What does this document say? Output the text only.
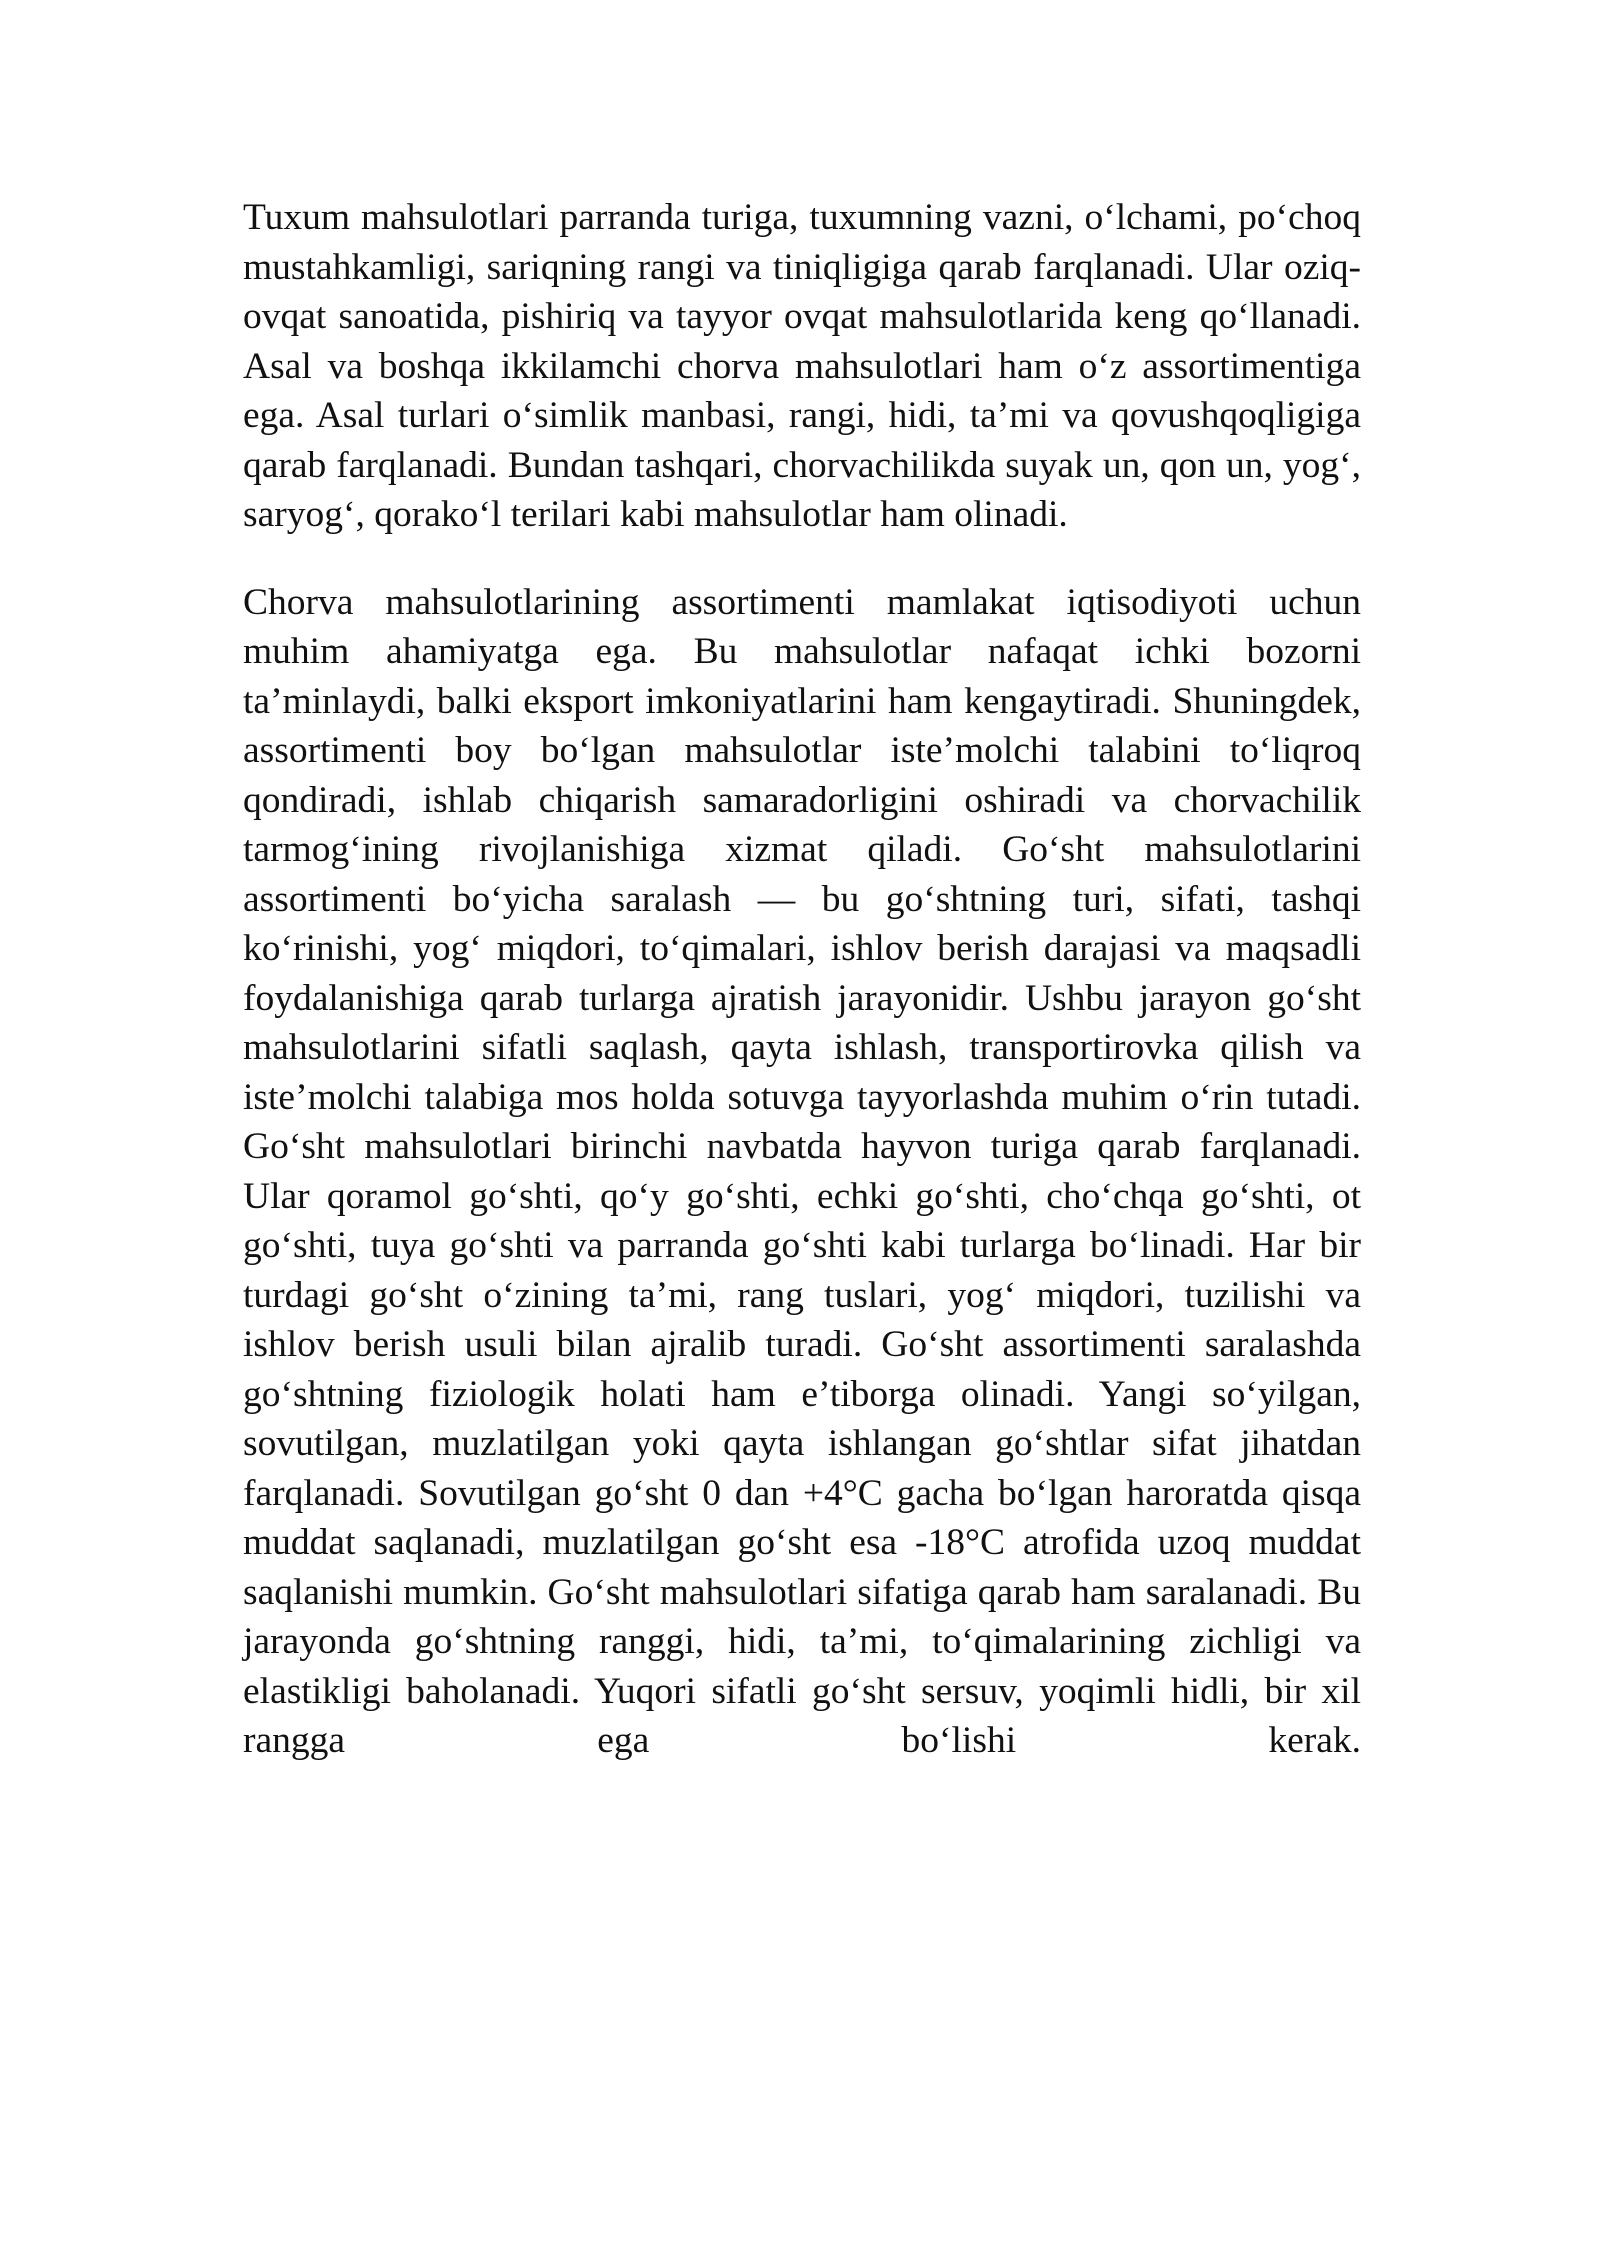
Tuxum mahsulotlari parranda turiga, tuxumning vazni, o‘lchami, po‘choq mustahkamligi, sariqning rangi va tiniqligiga qarab farqlanadi. Ular oziq-ovqat sanoatida, pishiriq va tayyor ovqat mahsulotlarida keng qo‘llanadi. Asal va boshqa ikkilamchi chorva mahsulotlari ham o‘z assortimentiga ega. Asal turlari o‘simlik manbasi, rangi, hidi, ta’mi va qovushqoqligiga qarab farqlanadi. Bundan tashqari, chorvachilikda suyak un, qon un, yog‘, saryog‘, qorako‘l terilari kabi mahsulotlar ham olinadi.

Chorva mahsulotlarining assortimenti mamlakat iqtisodiyoti uchun muhim ahamiyatga ega. Bu mahsulotlar nafaqat ichki bozorni ta’minlaydi, balki eksport imkoniyatlarini ham kengaytiradi. Shuningdek, assortimenti boy bo‘lgan mahsulotlar iste’molchi talabini to‘liqroq qondiradi, ishlab chiqarish samaradorligini oshiradi va chorvachilik tarmog‘ining rivojlanishiga xizmat qiladi. Go‘sht mahsulotlarini assortimenti bo‘yicha saralash — bu go‘shtning turi, sifati, tashqi ko‘rinishi, yog‘ miqdori, to‘qimalari, ishlov berish darajasi va maqsadli foydalanishiga qarab turlarga ajratish jarayonidir. Ushbu jarayon go‘sht mahsulotlarini sifatli saqlash, qayta ishlash, transportirovka qilish va iste’molchi talabiga mos holda sotuvga tayyorlashda muhim o‘rin tutadi. Go‘sht mahsulotlari birinchi navbatda hayvon turiga qarab farqlanadi. Ular qoramol go‘shti, qo‘y go‘shti, echki go‘shti, cho‘chqa go‘shti, ot go‘shti, tuya go‘shti va parranda go‘shti kabi turlarga bo‘linadi. Har bir turdagi go‘sht o‘zining ta’mi, rang tuslari, yog‘ miqdori, tuzilishi va ishlov berish usuli bilan ajralib turadi. Go‘sht assortimenti saralashda go‘shtning fiziologik holati ham e’tiborga olinadi. Yangi so‘yilgan, sovutilgan, muzlatilgan yoki qayta ishlangan go‘shtlar sifat jihatdan farqlanadi. Sovutilgan go‘sht 0 dan +4°C gacha bo‘lgan haroratda qisqa muddat saqlanadi, muzlatilgan go‘sht esa -18°C atrofida uzoq muddat saqlanishi mumkin. Go‘sht mahsulotlari sifatiga qarab ham saralanadi. Bu jarayonda go‘shtning ranggi, hidi, ta’mi, to‘qimalarining zichligi va elastikligi baholanadi. Yuqori sifatli go‘sht sersuv, yoqimli hidli, bir xil rangga ega bo‘lishi kerak.
